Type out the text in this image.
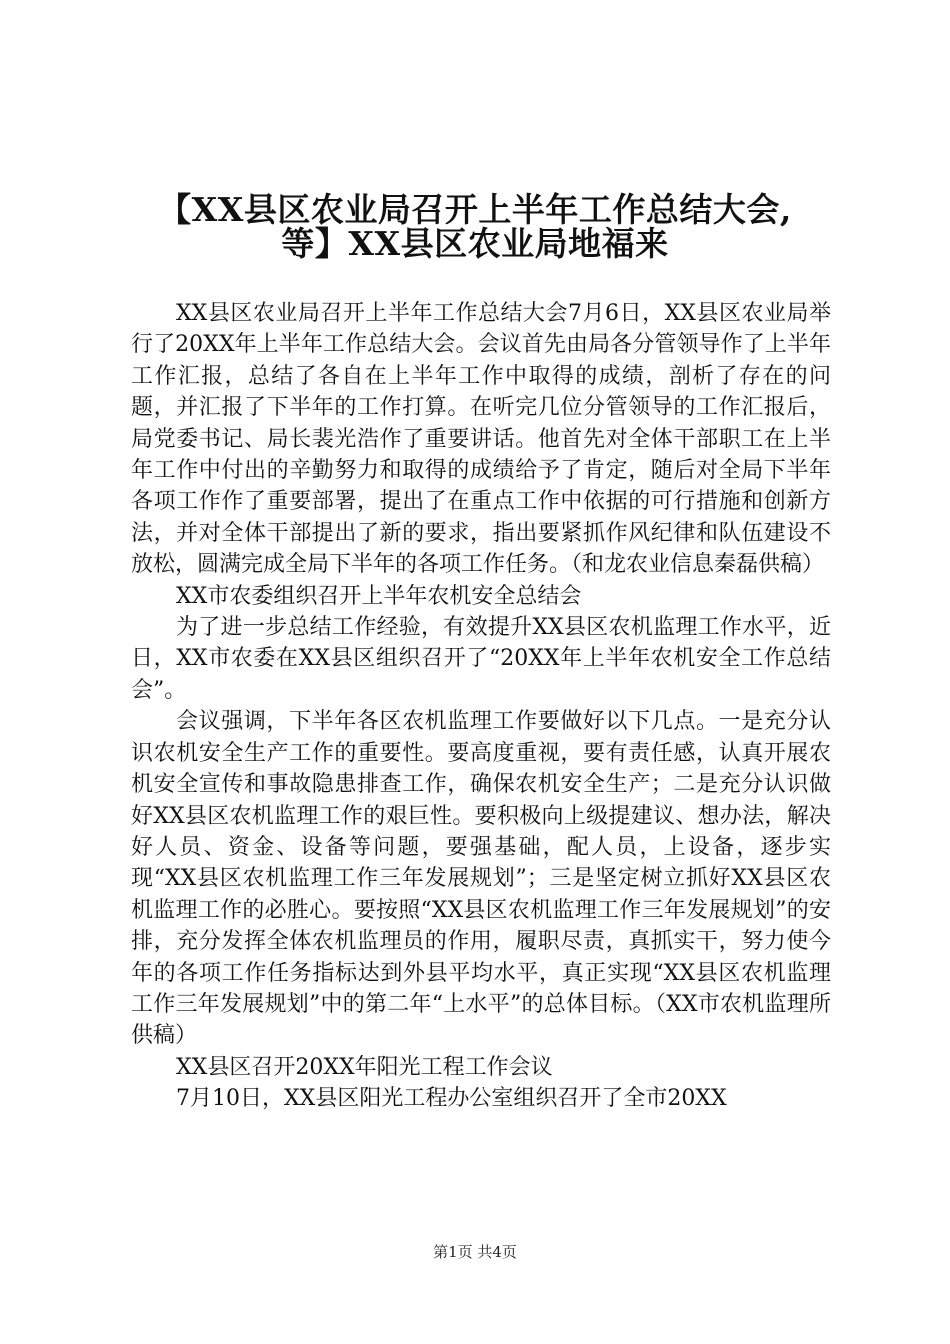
【XX县区农业局召开上半年工作总结大会,
等】XX县区农业局地福来

XX县区农业局召开上半年工作总结大会7月6日，XX县区农业局举行了20XX年上半年工作总结大会。会议首先由局各分管领导作了上半年工作汇报，总结了各自在上半年工作中取得的成绩，剖析了存在的问题，并汇报了下半年的工作打算。在听完几位分管领导的工作汇报后，局党委书记、局长裴光浩作了重要讲话。他首先对全体干部职工在上半年工作中付出的辛勤努力和取得的成绩给予了肯定，随后对全局下半年各项工作作了重要部署，提出了在重点工作中依据的可行措施和创新方法，并对全体干部提出了新的要求，指出要紧抓作风纪律和队伍建设不放松，圆满完成全局下半年的各项工作任务。（和龙农业信息秦磊供稿）

XX市农委组织召开上半年农机安全总结会

为了进一步总结工作经验，有效提升XX县区农机监理工作水平，近日，XX市农委在XX县区组织召开了“20XX年上半年农机安全工作总结会”。

会议强调，下半年各区农机监理工作要做好以下几点。一是充分认识农机安全生产工作的重要性。要高度重视，要有责任感，认真开展农机安全宣传和事故隐患排查工作，确保农机安全生产；二是充分认识做好XX县区农机监理工作的艰巨性。要积极向上级提建议、想办法，解决好人员、资金、设备等问题，要强基础，配人员，上设备，逐步实现“XX县区农机监理工作三年发展规划”；三是坚定树立抓好XX县区农机监理工作的必胜心。要按照“XX县区农机监理工作三年发展规划”的安排，充分发挥全体农机监理员的作用，履职尽责，真抓实干，努力使今年的各项工作任务指标达到外县平均水平，真正实现“XX县区农机监理工作三年发展规划”中的第二年“上水平”的总体目标。（XX市农机监理所供稿）

XX县区召开20XX年阳光工程工作会议

7月10日，XX县区阳光工程办公室组织召开了全市20XX

第1页 共4页
